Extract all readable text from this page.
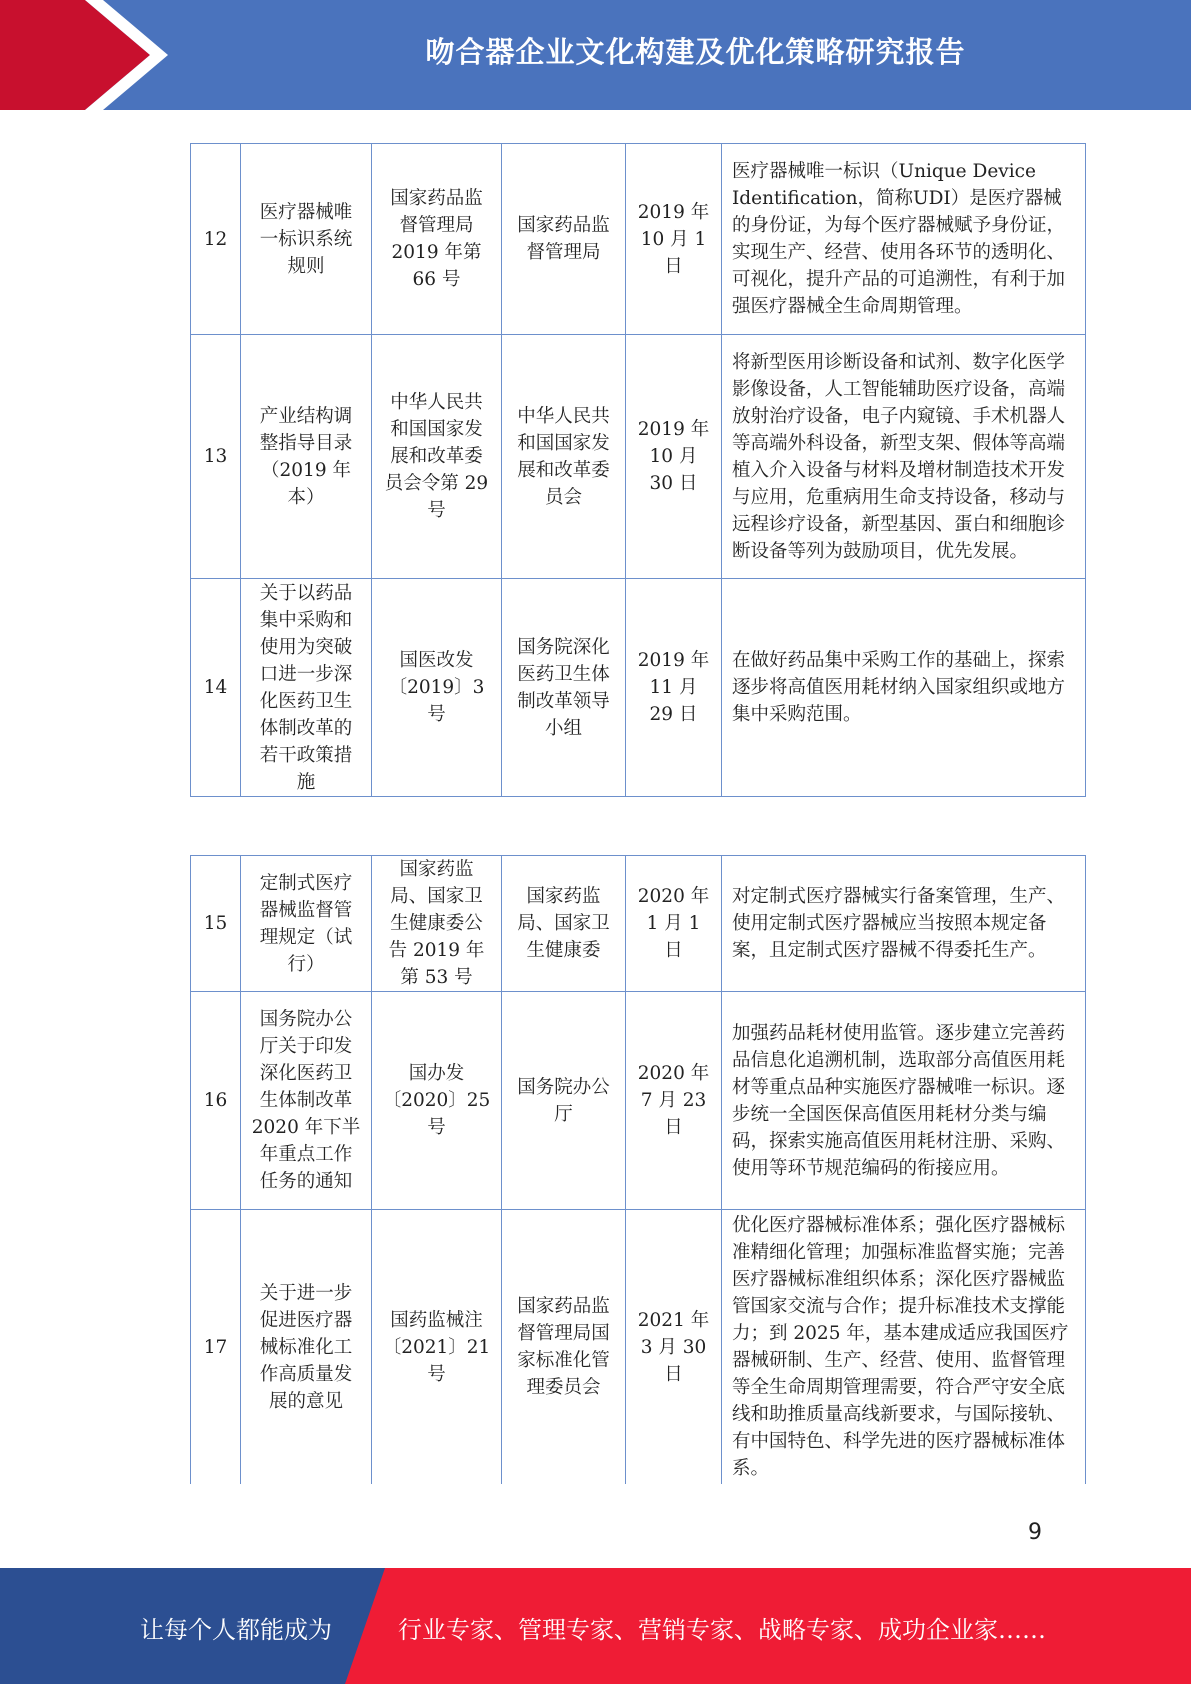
吻合器企业文化构建及优化策略研究报告
12	医疗器械唯一标识系统规则	国家药品监督管理局 2019 年第 66 号	国家药品监督管理局	2019 年 10 月 1 日	医疗器械唯一标识（Unique Device Identification，简称UDI）是医疗器械的身份证，为每个医疗器械赋予身份证，实现生产、经营、使用各环节的透明化、可视化，提升产品的可追溯性，有利于加强医疗器械全生命周期管理。
13	产业结构调整指导目录（2019 年本）	中华人民共和国国家发展和改革委员会令第 29 号	中华人民共和国国家发展和改革委员会	2019 年 10 月 30 日	将新型医用诊断设备和试剂、数字化医学影像设备，人工智能辅助医疗设备，高端放射治疗设备，电子内窥镜、手术机器人等高端外科设备，新型支架、假体等高端植入介入设备与材料及增材制造技术开发与应用，危重病用生命支持设备，移动与远程诊疗设备，新型基因、蛋白和细胞诊断设备等列为鼓励项目，优先发展。
14	关于以药品集中采购和使用为突破口进一步深化医药卫生体制改革的若干政策措施	国医改发〔2019〕3 号	国务院深化医药卫生体制改革领导小组	2019 年 11 月 29 日	在做好药品集中采购工作的基础上，探索逐步将高值医用耗材纳入国家组织或地方集中采购范围。
15	定制式医疗器械监督管理规定（试行）	国家药监局、国家卫生健康委公告 2019 年第 53 号	国家药监局、国家卫生健康委	2020 年 1 月 1 日	对定制式医疗器械实行备案管理，生产、使用定制式医疗器械应当按照本规定备案，且定制式医疗器械不得委托生产。
16	国务院办公厅关于印发深化医药卫生体制改革 2020 年下半年重点工作任务的通知	国办发〔2020〕25 号	国务院办公厅	2020 年 7 月 23 日	加强药品耗材使用监管。逐步建立完善药品信息化追溯机制，选取部分高值医用耗材等重点品种实施医疗器械唯一标识。逐步统一全国医保高值医用耗材分类与编码，探索实施高值医用耗材注册、采购、使用等环节规范编码的衔接应用。
17	关于进一步促进医疗器械标准化工作高质量发展的意见	国药监械注〔2021〕21 号	国家药品监督管理局国家标准化管理委员会	2021 年 3 月 30 日	优化医疗器械标准体系；强化医疗器械标准精细化管理；加强标准监督实施；完善医疗器械标准组织体系；深化医疗器械监管国家交流与合作；提升标准技术支撑能力；到 2025 年，基本建成适应我国医疗器械研制、生产、经营、使用、监督管理等全生命周期管理需要，符合严守安全底线和助推质量高线新要求，与国际接轨、有中国特色、科学先进的医疗器械标准体系。
9
让每个人都能成为	行业专家、管理专家、营销专家、战略专家、成功企业家……
